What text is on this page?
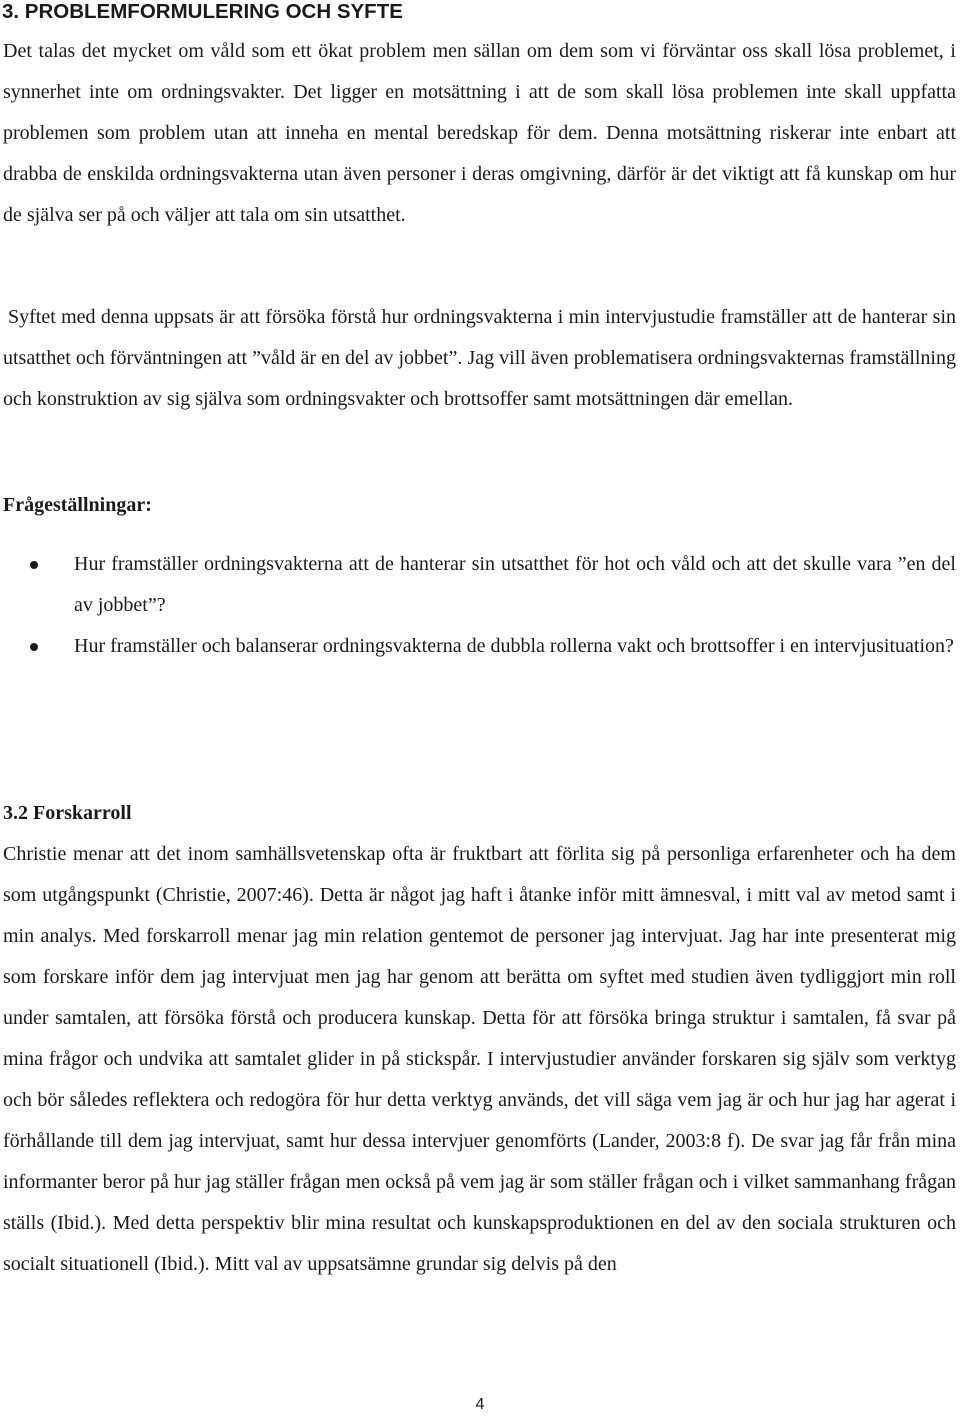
3. PROBLEMFORMULERING OCH SYFTE

Det talas det mycket om våld som ett ökat problem men sällan om dem som vi förväntar oss skall lösa problemet, i synnerhet inte om ordningsvakter. Det ligger en motsättning i att de som skall lösa problemen inte skall uppfatta problemen som problem utan att inneha en mental beredskap för dem. Denna motsättning riskerar inte enbart att drabba de enskilda ordningsvakterna utan även personer i deras omgivning, därför är det viktigt att få kunskap om hur de själva ser på och väljer att tala om sin utsatthet.

Syftet med denna uppsats är att försöka förstå hur ordningsvakterna i min intervjustudie framställer att de hanterar sin utsatthet och förväntningen att ”våld är en del av jobbet”. Jag vill även problematisera ordningsvakternas framställning och konstruktion av sig själva som ordningsvakter och brottsoffer samt motsättningen där emellan.

Frågeställningar:
Hur framställer ordningsvakterna att de hanterar sin utsatthet för hot och våld och att det skulle vara ”en del av jobbet”?
Hur framställer och balanserar ordningsvakterna de dubbla rollerna vakt och brottsoffer i en intervjusituation?
3.2 Forskarroll

Christie menar att det inom samhällsvetenskap ofta är fruktbart att förlita sig på personliga erfarenheter och ha dem som utgångspunkt (Christie, 2007:46). Detta är något jag haft i åtanke inför mitt ämnesval, i mitt val av metod samt i min analys. Med forskarroll menar jag min relation gentemot de personer jag intervjuat. Jag har inte presenterat mig som forskare inför dem jag intervjuat men jag har genom att berätta om syftet med studien även tydliggjort min roll under samtalen, att försöka förstå och producera kunskap. Detta för att försöka bringa struktur i samtalen, få svar på mina frågor och undvika att samtalet glider in på stickspår. I intervjustudier använder forskaren sig själv som verktyg och bör således reflektera och redogöra för hur detta verktyg används, det vill säga vem jag är och hur jag har agerat i förhållande till dem jag intervjuat, samt hur dessa intervjuer genomförts (Lander, 2003:8 f). De svar jag får från mina informanter beror på hur jag ställer frågan men också på vem jag är som ställer frågan och i vilket sammanhang frågan ställs (Ibid.). Med detta perspektiv blir mina resultat och kunskapsproduktionen en del av den sociala strukturen och socialt situationell (Ibid.). Mitt val av uppsatsämne grundar sig delvis på den

4
